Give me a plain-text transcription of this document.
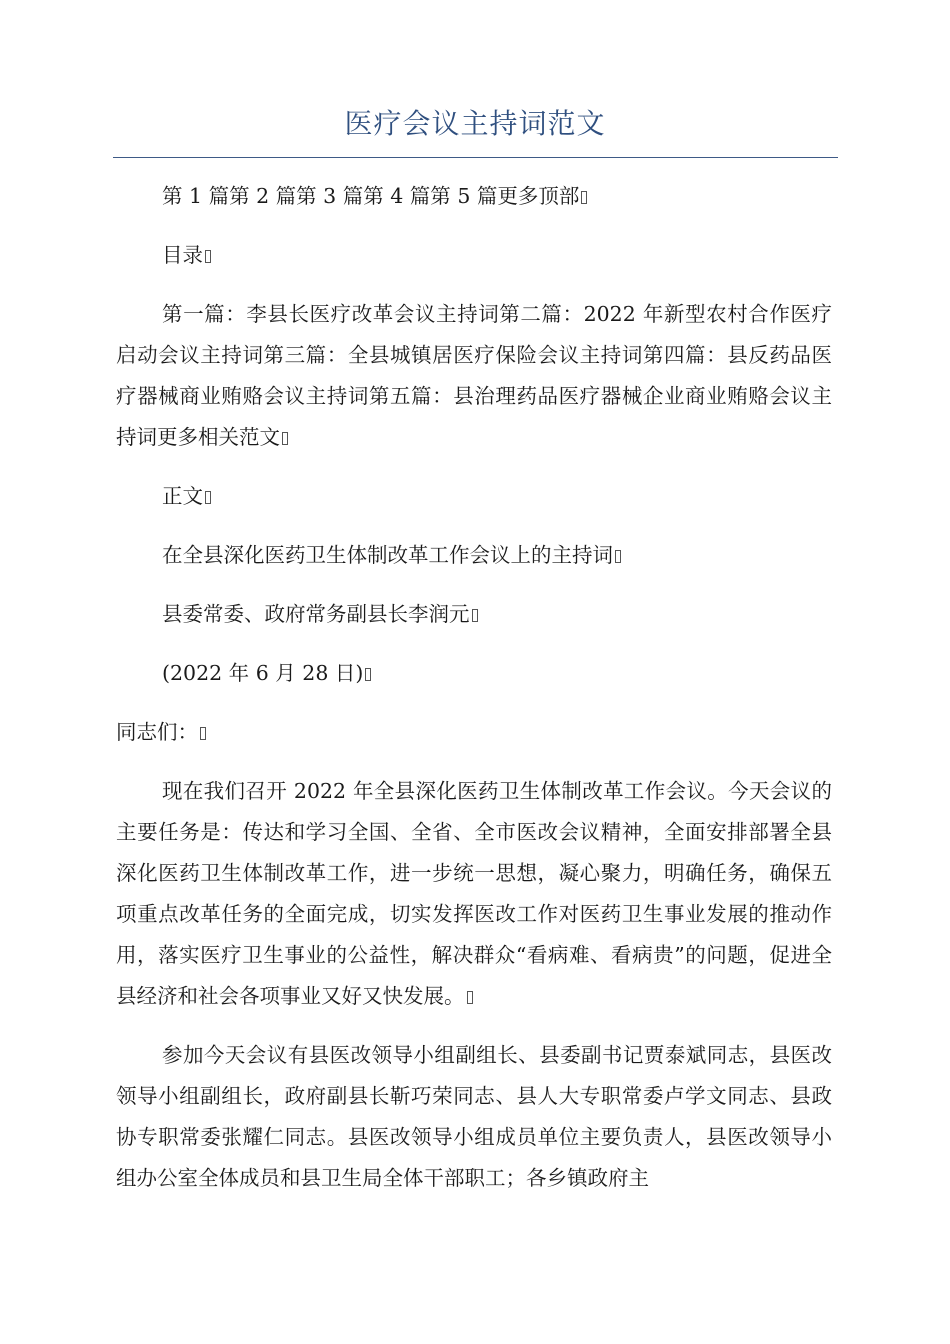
医疗会议主持词范文

第 1 篇第 2 篇第 3 篇第 4 篇第 5 篇更多顶部

目录

第一篇：李县长医疗改革会议主持词第二篇：2022 年新型农村合作医疗启动会议主持词第三篇：全县城镇居医疗保险会议主持词第四篇：县反药品医疗器械商业贿赂会议主持词第五篇：县治理药品医疗器械企业商业贿赂会议主持词更多相关范文

正文

在全县深化医药卫生体制改革工作会议上的主持词

县委常委、政府常务副县长李润元

(2022 年 6 月 28 日)

同志们：

现在我们召开 2022 年全县深化医药卫生体制改革工作会议。今天会议的主要任务是：传达和学习全国、全省、全市医改会议精神，全面安排部署全县深化医药卫生体制改革工作，进一步统一思想，凝心聚力，明确任务，确保五项重点改革任务的全面完成，切实发挥医改工作对医药卫生事业发展的推动作用，落实医疗卫生事业的公益性，解决群众“看病难、看病贵”的问题，促进全县经济和社会各项事业又好又快发展。

参加今天会议有县医改领导小组副组长、县委副书记贾泰斌同志，县医改领导小组副组长，政府副县长靳巧荣同志、县人大专职常委卢学文同志、县政协专职常委张耀仁同志。县医改领导小组成员单位主要负责人，县医改领导小组办公室全体成员和县卫生局全体干部职工；各乡镇政府主
